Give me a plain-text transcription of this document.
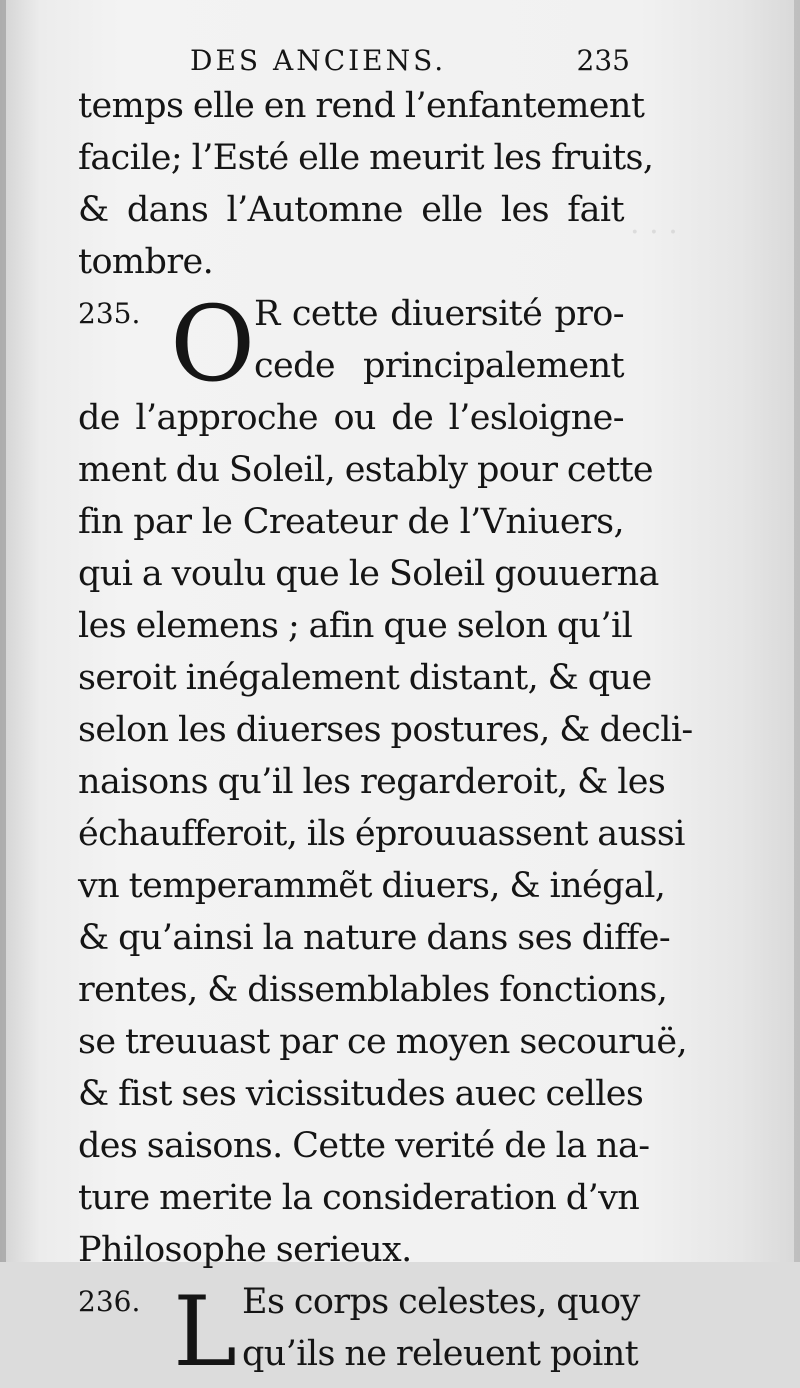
· · ·
DES ANCIENS.	235
temps elle en rend l’enfantement
facile; l’Esté elle meurit les fruits,
& dans l’Automne elle les fait
tombre.
235. O
R cette diuersité pro-
cede principalement
de l’approche ou de l’esloigne-
ment du Soleil, estably pour cette
fin par le Createur de l’Vniuers,
qui a voulu que le Soleil gouuerna
les elemens ; afin que selon qu’il
seroit inégalement distant, & que
selon les diuerses postures, & decli-
naisons qu’il les regarderoit, & les
échaufferoit, ils éprouuassent aussi
vn temperammẽt diuers, & inégal,
& qu’ainsi la nature dans ses diffe-
rentes, & dissemblables fonctions,
se treuuast par ce moyen secouruë,
& fist ses vicissitudes auec celles
des saisons. Cette verité de la na-
ture merite la consideration d’vn
Philosophe serieux.
236. L Es corps celestes, quoy
qu’ils ne releuent point
